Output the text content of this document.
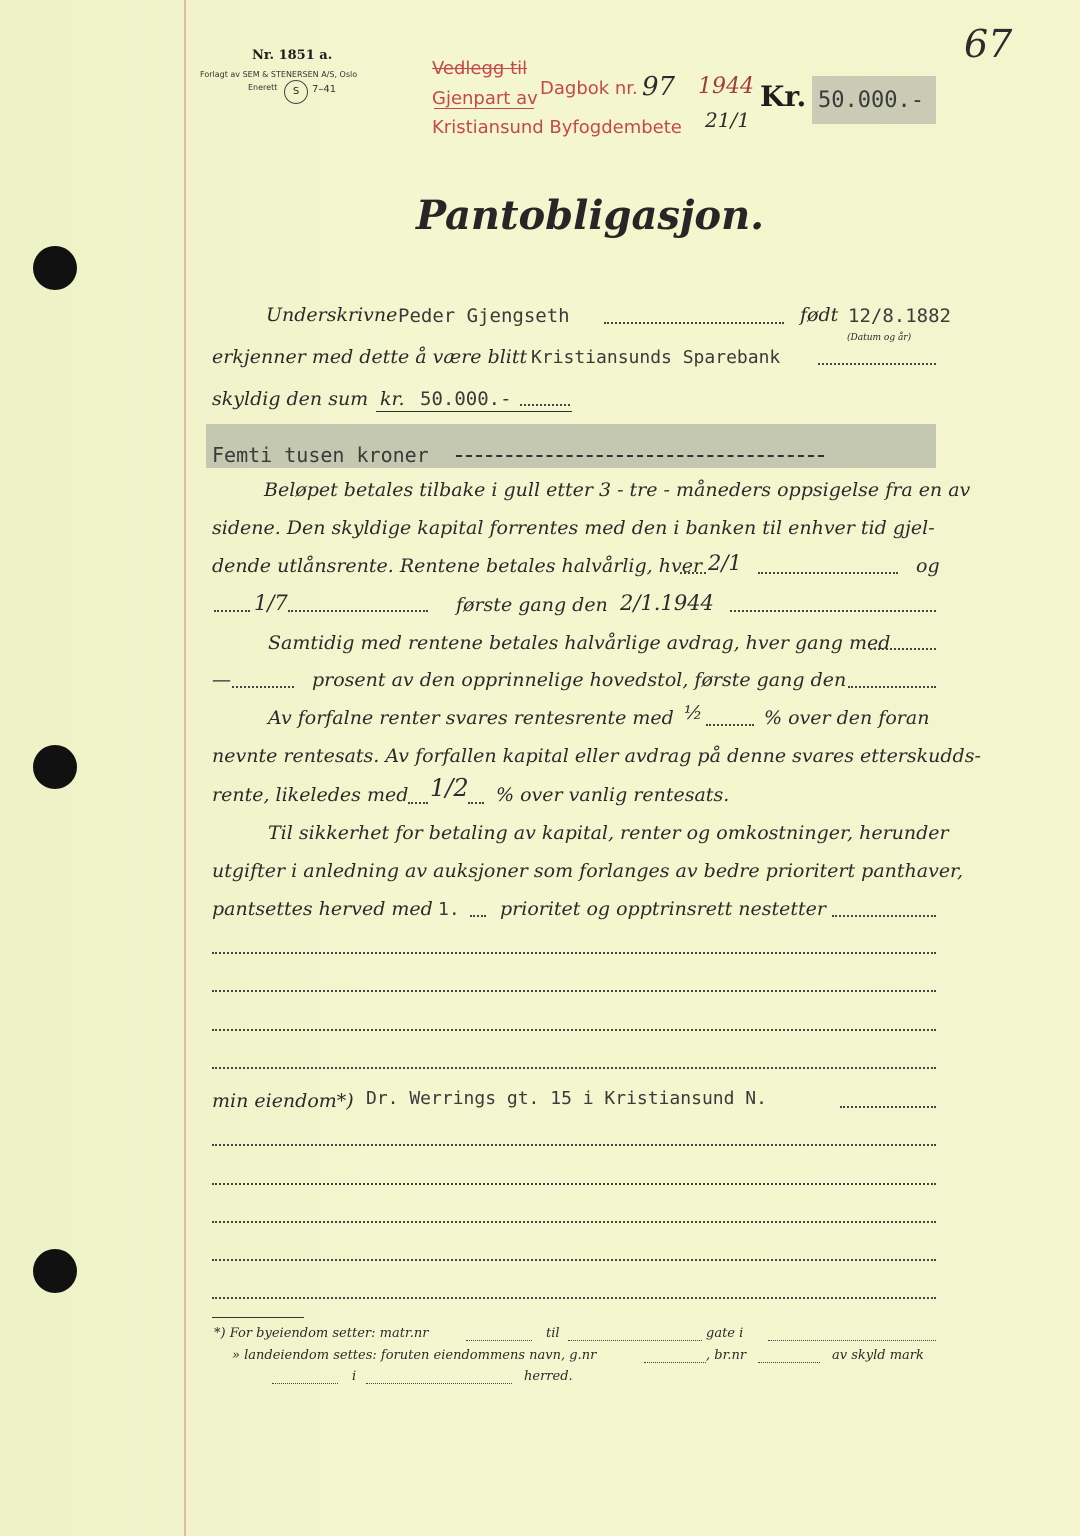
67
Nr. 1851 a.
Forlagt av SEM & STENERSEN A/S, Oslo
Enerett	S	7–41
Vedlegg til
Gjenpart av
Kristiansund Byfogdembete
Dagbok nr. 97 1944
21/1
Kr. 50.000.-
Pantobligasjon.
Underskrivne Peder Gjengseth	født 12/8.1882
(Datum og år)
erkjenner med dette å være blitt Kristiansunds Sparebank
skyldig den sum kr. 50.000.-
Femti tusen kroner
Beløpet betales tilbake i gull etter 3 - tre - måneders oppsigelse fra en av
sidene. Den skyldige kapital forrentes med den i banken til enhver tid gjel-
dende utlånsrente. Rentene betales halvårlig, hver 2/1	og
1/7	første gang den 2/1.1944
Samtidig med rentene betales halvårlige avdrag, hver gang med
—	prosent av den opprinnelige hovedstol, første gang den
Av forfalne renter svares rentesrente med ½	% over den foran
nevnte rentesats. Av forfallen kapital eller avdrag på denne svares etterskudds-
rente, likeledes med 1/2 % over vanlig rentesats.
Til sikkerhet for betaling av kapital, renter og omkostninger, herunder
utgifter i anledning av auksjoner som forlanges av bedre prioritert panthaver,
pantsettes herved med 1. prioritet og opptrinsrett nestetter
min eiendom*) Dr. Werrings gt. 15 i Kristiansund N.
*) For byeiendom setter: matr.nr	til	gate i
» landeiendom settes: foruten eiendommens navn, g.nr	, br.nr	av skyld mark
i	herred.
